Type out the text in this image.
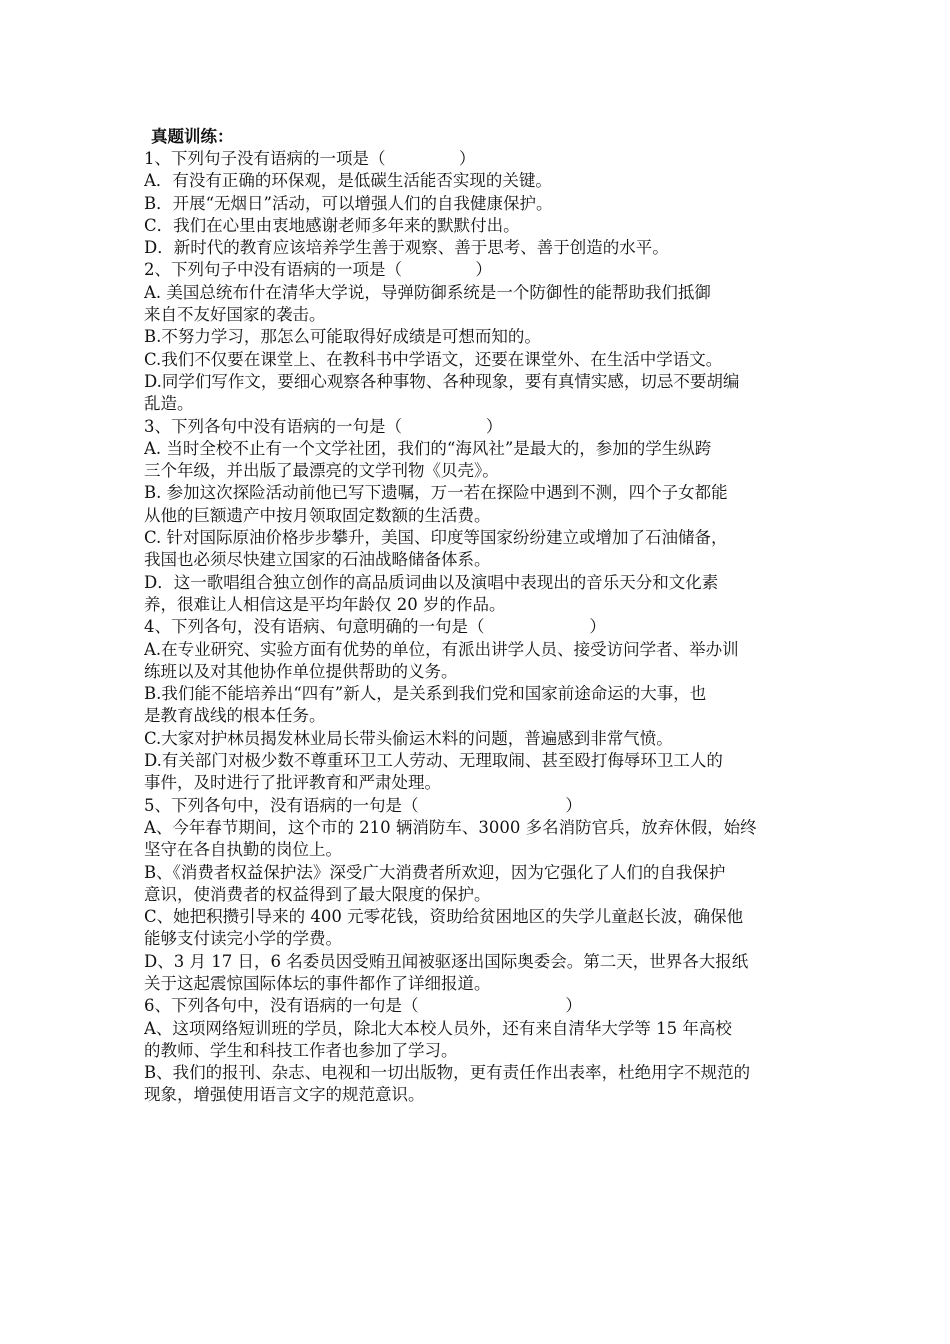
真题训练：
1、下列句子没有语病的一项是（              ）
A．有没有正确的环保观，是低碳生活能否实现的关键。
B．开展“无烟日”活动，可以增强人们的自我健康保护。
C．我们在心里由衷地感谢老师多年来的默默付出。
D．新时代的教育应该培养学生善于观察、善于思考、善于创造的水平。
2、下列句子中没有语病的一项是（              ）
A. 美国总统布什在清华大学说，导弹防御系统是一个防御性的能帮助我们抵御
来自不友好国家的袭击。
B.不努力学习，那怎么可能取得好成绩是可想而知的。
C.我们不仅要在课堂上、在教科书中学语文，还要在课堂外、在生活中学语文。
D.同学们写作文，要细心观察各种事物、各种现象，要有真情实感，切忌不要胡编
乱造。
3、下列各句中没有语病的一句是（                ）
A. 当时全校不止有一个文学社团，我们的“海风社”是最大的，参加的学生纵跨
三个年级，并出版了最漂亮的文学刊物《贝壳》。
B. 参加这次探险活动前他已写下遗嘱，万一若在探险中遇到不测，四个子女都能
从他的巨额遗产中按月领取固定数额的生活费。
C. 针对国际原油价格步步攀升，美国、印度等国家纷纷建立或增加了石油储备，
我国也必须尽快建立国家的石油战略储备体系。
D．这一歌唱组合独立创作的高品质词曲以及演唱中表现出的音乐天分和文化素
养，很难让人相信这是平均年龄仅 20 岁的作品。
4、下列各句，没有语病、句意明确的一句是（                    ）
A.在专业研究、实验方面有优势的单位，有派出讲学人员、接受访问学者、举办训
练班以及对其他协作单位提供帮助的义务。
B.我们能不能培养出“四有”新人，是关系到我们党和国家前途命运的大事，也
是教育战线的根本任务。
C.大家对护林员揭发林业局长带头偷运木料的问题，普遍感到非常气愤。
D.有关部门对极少数不尊重环卫工人劳动、无理取闹、甚至殴打侮辱环卫工人的
事件，及时进行了批评教育和严肃处理。
5、下列各句中，没有语病的一句是（                            ）
A、今年春节期间，这个市的 210 辆消防车、3000 多名消防官兵，放弃休假，始终
坚守在各自执勤的岗位上。
B、《消费者权益保护法》深受广大消费者所欢迎，因为它强化了人们的自我保护
意识，使消费者的权益得到了最大限度的保护。
C、她把积攒引导来的 400 元零花钱，资助给贫困地区的失学儿童赵长波，确保他
能够支付读完小学的学费。
D、3 月 17 日，6 名委员因受贿丑闻被驱逐出国际奥委会。第二天，世界各大报纸
关于这起震惊国际体坛的事件都作了详细报道。
6、下列各句中，没有语病的一句是（                            ）
A、这项网络短训班的学员，除北大本校人员外，还有来自清华大学等 15 年高校
的教师、学生和科技工作者也参加了学习。
B、我们的报刊、杂志、电视和一切出版物，更有责任作出表率，杜绝用字不规范的
现象，增强使用语言文字的规范意识。
